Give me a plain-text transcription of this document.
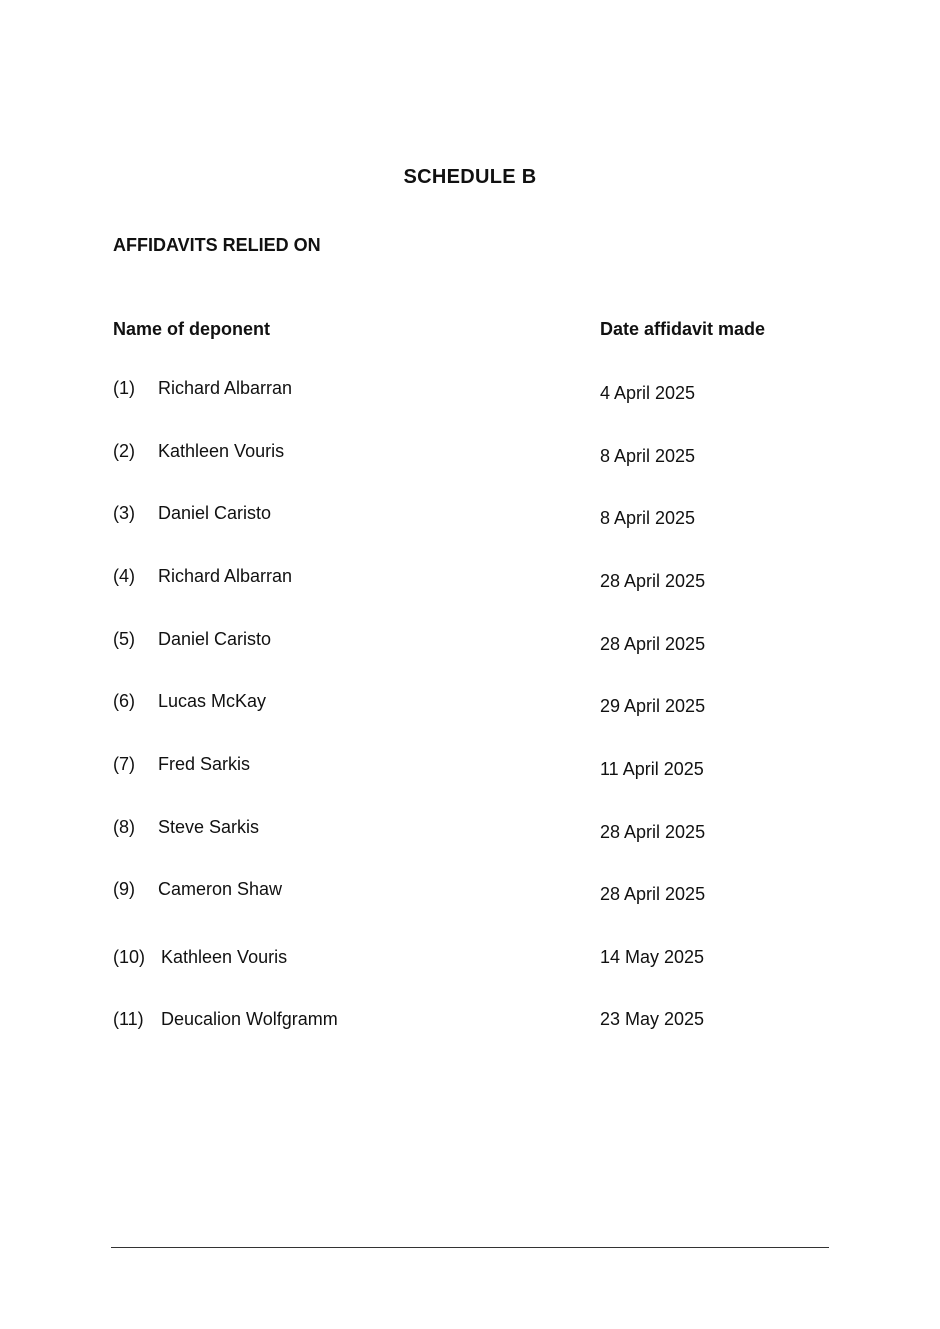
SCHEDULE B
AFFIDAVITS RELIED ON
Name of deponent	Date affidavit made
(1) Richard Albarran	4 April 2025
(2) Kathleen Vouris	8 April 2025
(3) Daniel Caristo	8 April 2025
(4) Richard Albarran	28 April 2025
(5) Daniel Caristo	28 April 2025
(6) Lucas McKay	29 April 2025
(7) Fred Sarkis	11 April 2025
(8) Steve Sarkis	28 April 2025
(9) Cameron Shaw	28 April 2025
(10) Kathleen Vouris	14 May 2025
(11) Deucalion Wolfgramm	23 May 2025
